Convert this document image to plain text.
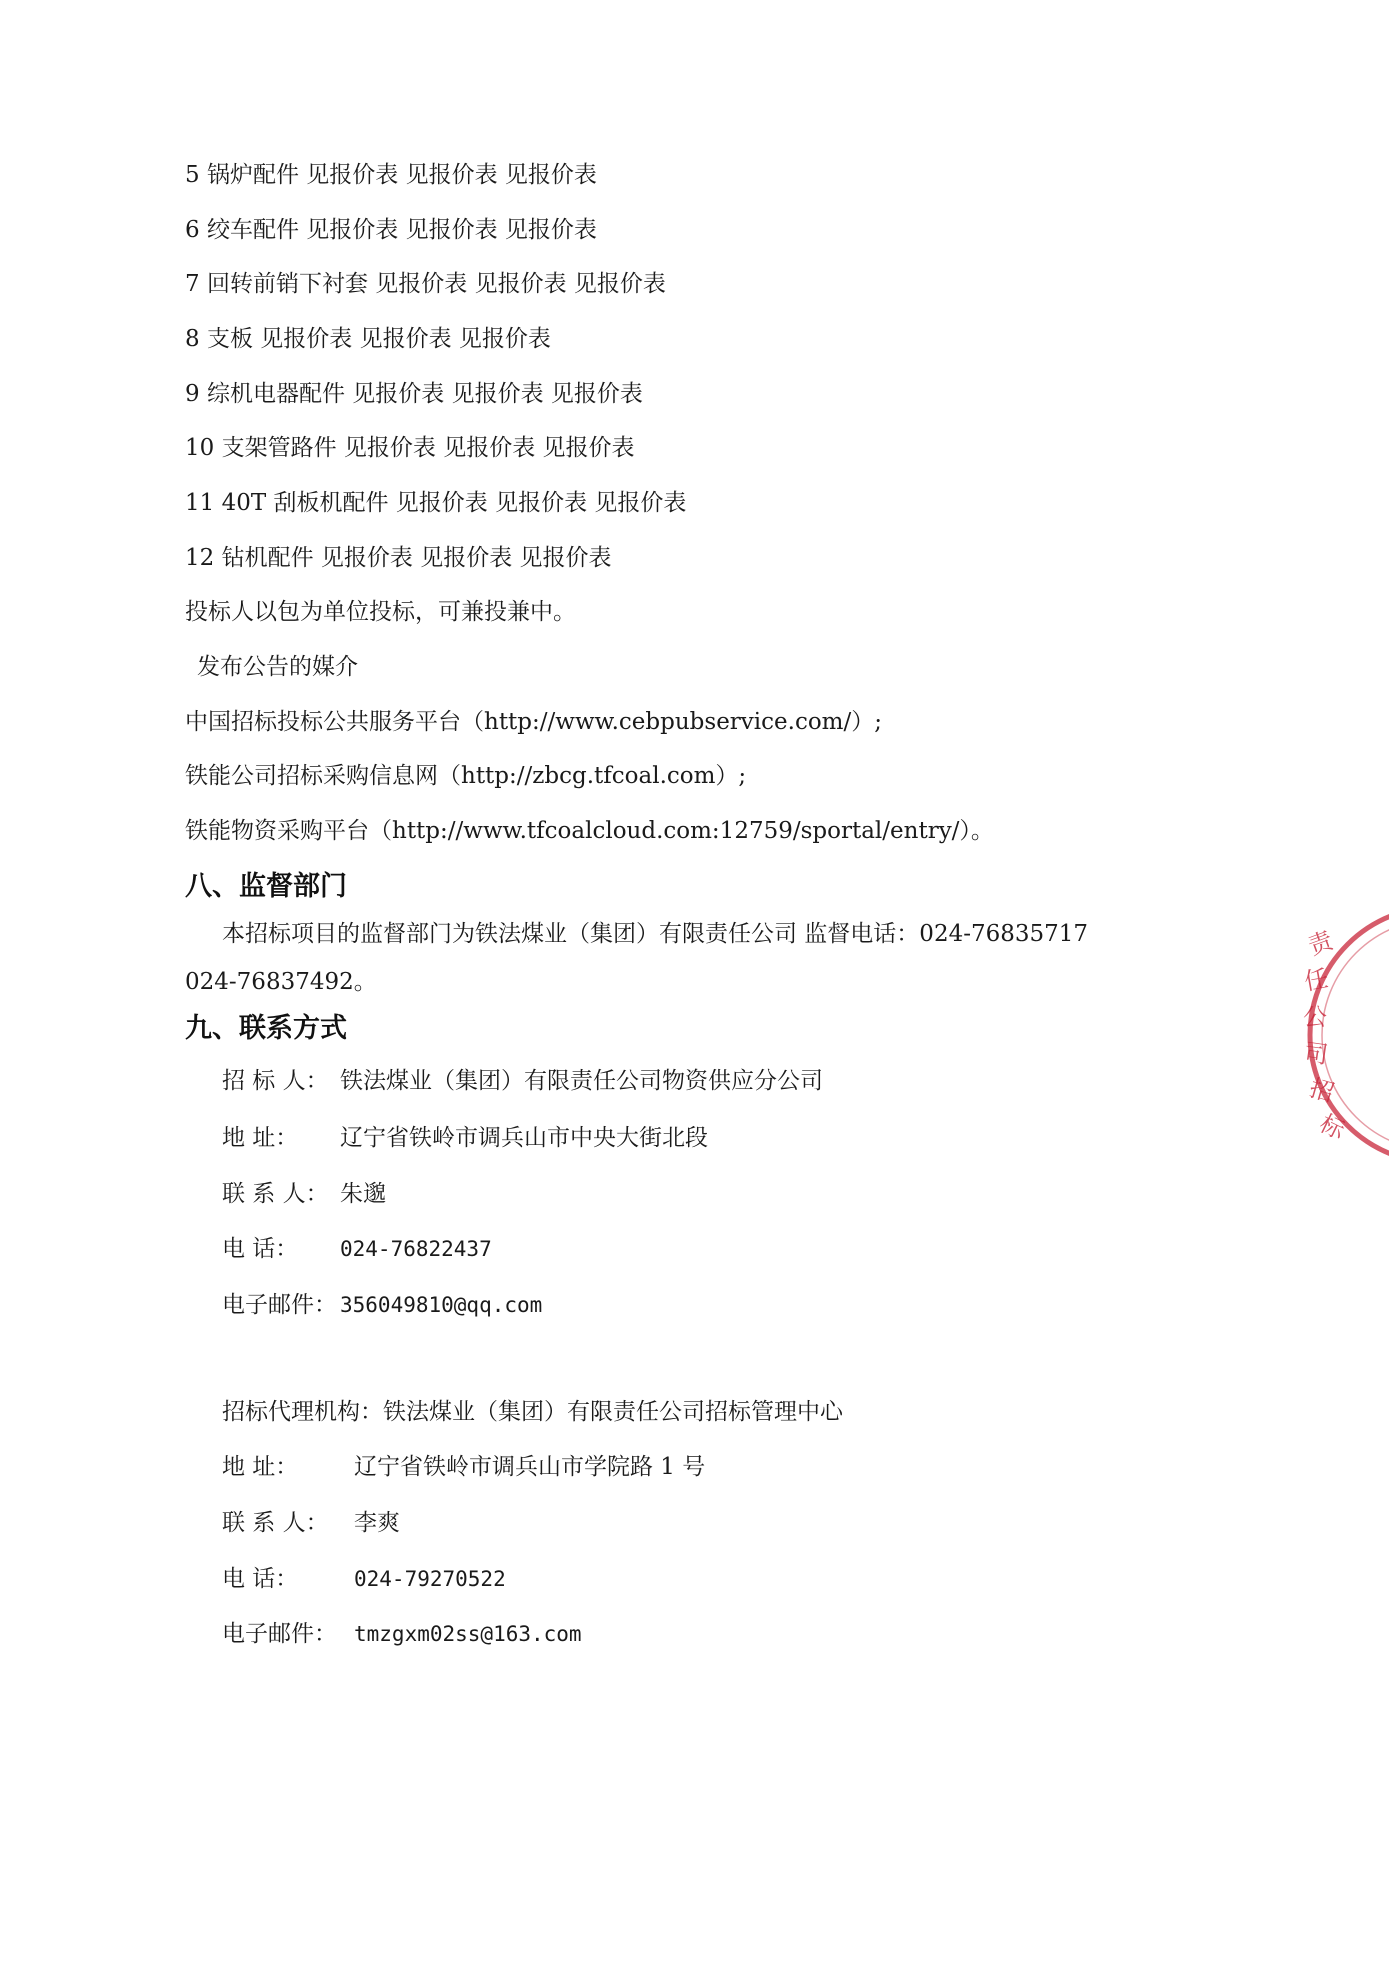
5 锅炉配件 见报价表 见报价表 见报价表
6 绞车配件 见报价表 见报价表 见报价表
7 回转前销下衬套 见报价表 见报价表 见报价表
8 支板 见报价表 见报价表 见报价表
9 综机电器配件 见报价表 见报价表 见报价表
10 支架管路件 见报价表 见报价表 见报价表
11 40T 刮板机配件 见报价表 见报价表 见报价表
12 钻机配件 见报价表 见报价表 见报价表
投标人以包为单位投标，可兼投兼中。
发布公告的媒介
中国招标投标公共服务平台（http://www.cebpubservice.com/）;
铁能公司招标采购信息网（http://zbcg.tfcoal.com）;
铁能物资采购平台（http://www.tfcoalcloud.com:12759/sportal/entry/）。
八、监督部门
本招标项目的监督部门为铁法煤业（集团）有限责任公司 监督电话：024-76835717
024-76837492。
九、联系方式
招 标 人： 铁法煤业（集团）有限责任公司物资供应分公司
地 址： 辽宁省铁岭市调兵山市中央大街北段
联 系 人： 朱邈
电 话： 024-76822437
电子邮件： 356049810@qq.com
招标代理机构：铁法煤业（集团）有限责任公司招标管理中心
地 址： 辽宁省铁岭市调兵山市学院路 1 号
联 系 人： 李爽
电 话：	024-79270522
电子邮件： tmzgxm02ss@163.com
责
任
公
司
招
标
